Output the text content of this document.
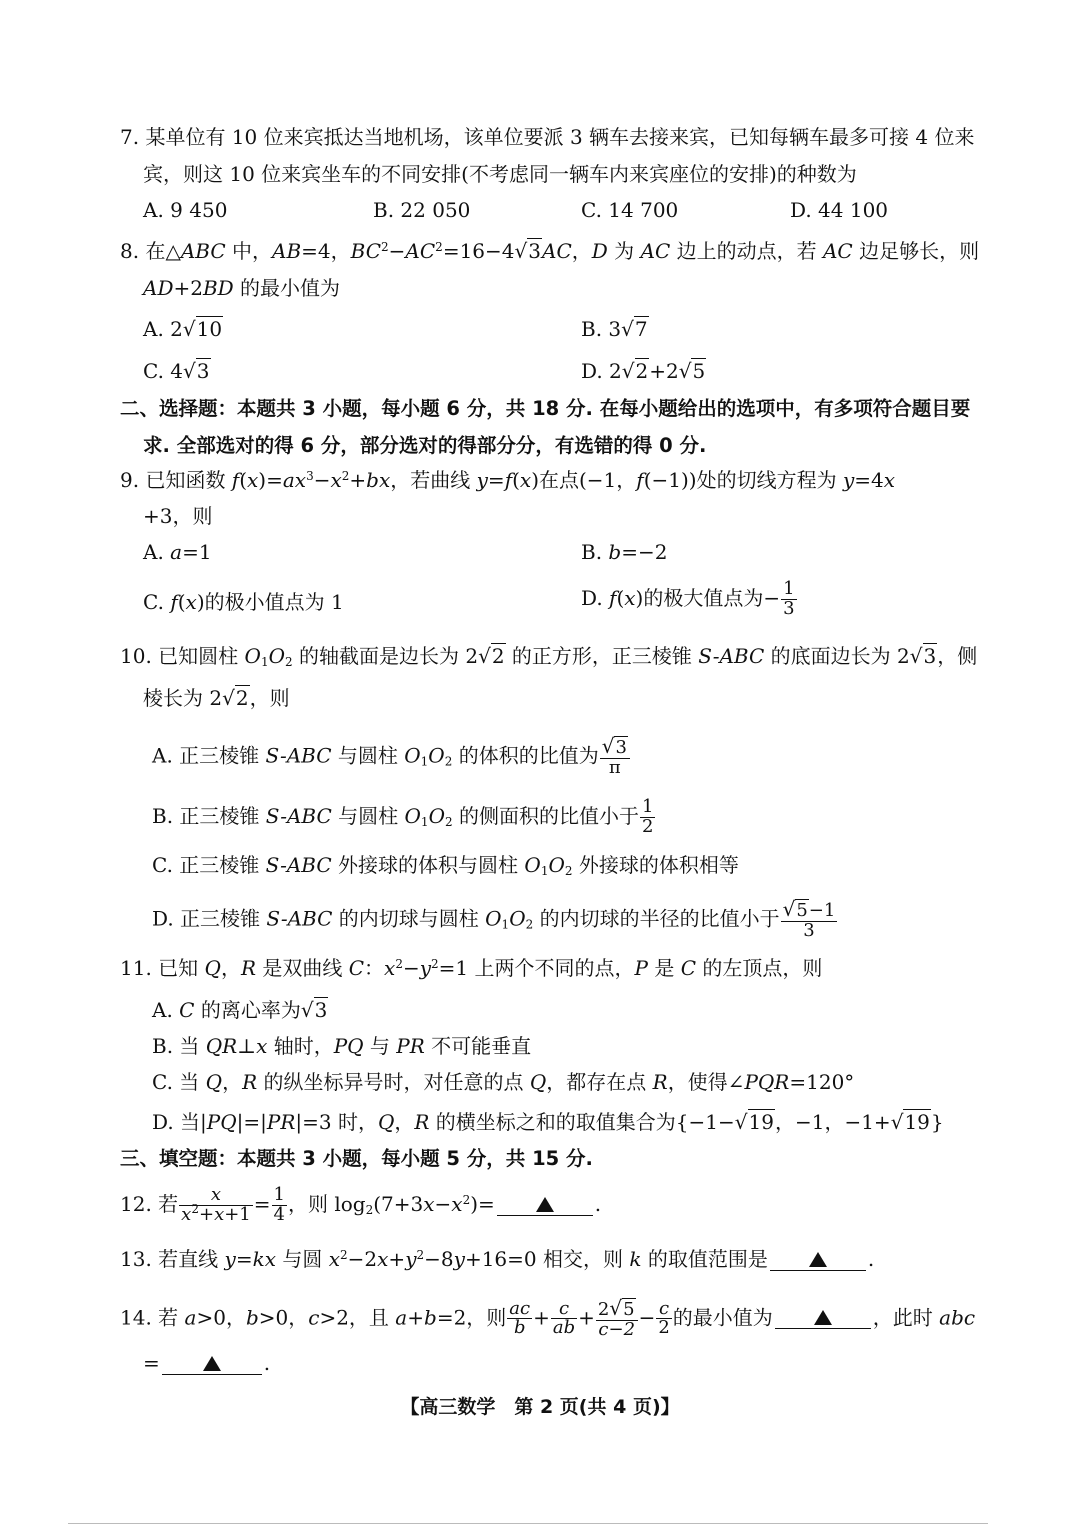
7. 某单位有 10 位来宾抵达当地机场，该单位要派 3 辆车去接来宾，已知每辆车最多可接 4 位来
宾，则这 10 位来宾坐车的不同安排(不考虑同一辆车内来宾座位的安排)的种数为
A. 9 450	B. 22 050	C. 14 700	D. 44 100
8. 在△ABC 中，AB=4，$BC^2-AC^2=16-4√3AC$，D 为 AC 边上的动点，若 AC 边足够长，则
AD+2BD 的最小值为
A. 2√10	B. 3√7
C. 4√3	D. 2√2+2√5
二、选择题：本题共 3 小题，每小题 6 分，共 18 分. 在每小题给出的选项中，有多项符合题目要
求. 全部选对的得 6 分，部分选对的得部分分，有选错的得 0 分.
9. 已知函数 $f(x)=ax^3-x^2+bx$，若曲线 y=f(x)在点(−1，f(−1))处的切线方程为 y=4x
+3，则
A. a=1	B. b=−2
C. f(x)的极小值点为 1	D. f(x)的极大值点为− $\frac{1}{3}$
10. 已知圆柱 $O_1O_2$ 的轴截面是边长为 2√2 的正方形，正三棱锥 S-ABC 的底面边长为 2√3，侧
棱长为 2√2，则
A. 正三棱锥 S-ABC 与圆柱 $O_1O_2$ 的体积的比值为 $\frac{√3}{\pi}$
B. 正三棱锥 S-ABC 与圆柱 $O_1O_2$ 的侧面积的比值小于 $\frac{1}{2}$
C. 正三棱锥 S-ABC 外接球的体积与圆柱 $O_1O_2$ 外接球的体积相等
D. 正三棱锥 S-ABC 的内切球与圆柱 $O_1O_2$ 的内切球的半径的比值小于 $\frac{√5-1}{3}$
11. 已知 Q，R 是双曲线 C：$x^2-y^2=1$ 上两个不同的点，P 是 C 的左顶点，则
A. C 的离心率为√3
B. 当 QR⊥x 轴时，PQ 与 PR 不可能垂直
C. 当 Q，R 的纵坐标异号时，对任意的点 Q，都存在点 R，使得∠PQR=120°
D. 当|PQ|=|PR|=3 时，Q，R 的横坐标之和的取值集合为{−1−√19，−1，−1+√19}
三、填空题：本题共 3 小题，每小题 5 分，共 15 分.
12. 若 $\frac{x}{x^2+x+1} = \frac{1}{4}$ ，则 $\log_2(7+3x-x^2)=$	.
13. 若直线 y=kx 与圆 $x^2-2x+y^2-8y+16=0$ 相交，则 k 的取值范围是	.
14. 若 a>0，b>0，c>2，且 a+b=2，则 $\frac{ac}{b} + \frac{c}{ab} + \frac{2√5}{c-2} - \frac{c}{2}$ 的最小值为	，此时 abc
=	.
【高三数学　第 2 页(共 4 页)】
